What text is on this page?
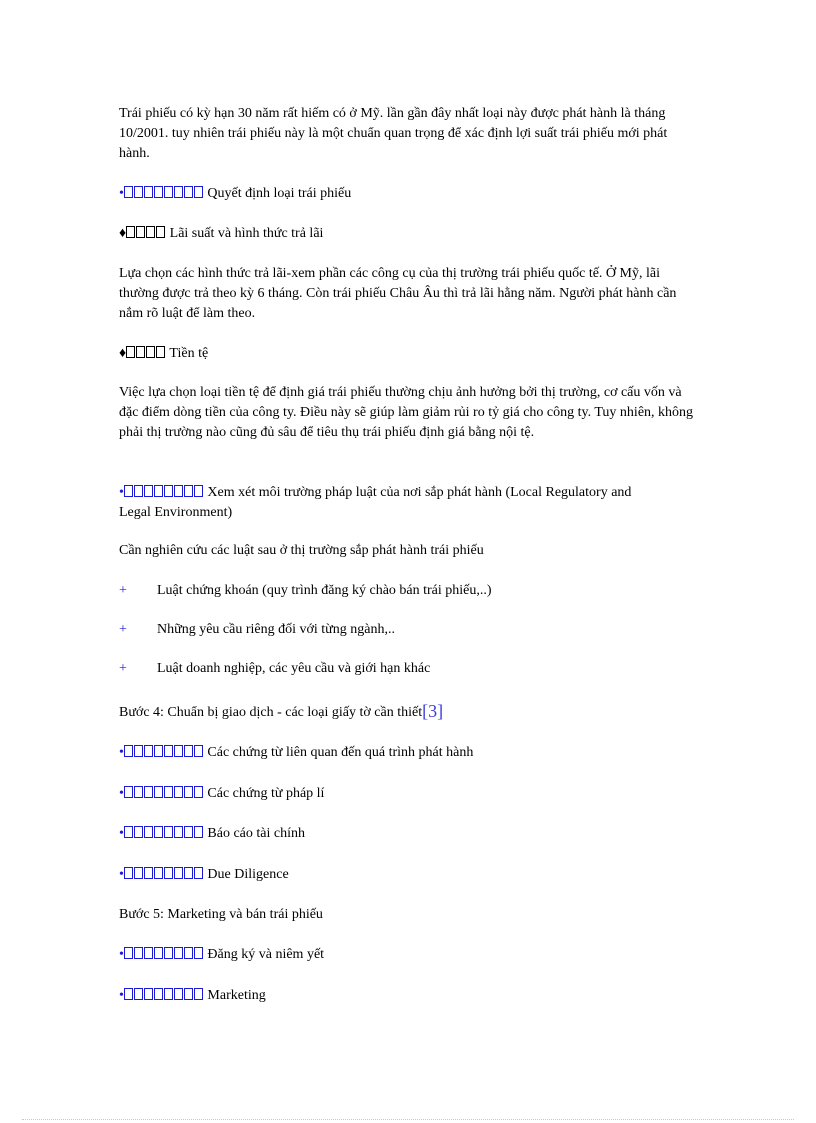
Trái phiếu có kỳ hạn 30 năm rất hiếm có ở Mỹ. lần gần đây nhất loại này được phát hành là tháng 10/2001. tuy nhiên trái phiếu này là một chuẩn quan trọng để xác định lợi suất trái phiếu mới phát hành.

•	Quyết định loại trái phiếu
♦	Lãi suất và hình thức trả lãi

Lựa chọn các hình thức trả lãi-xem phần các công cụ của thị trường trái phiếu quốc tế. Ở Mỹ, lãi thường được trả theo kỳ 6 tháng. Còn trái phiếu Châu Âu thì trả lãi hằng năm. Người phát hành cần nắm rõ luật để làm theo.

♦	Tiền tệ

Việc lựa chọn loại tiền tệ để định giá trái phiếu thường chịu ảnh hưởng bởi thị trường, cơ cấu vốn và đặc điểm dòng tiền của công ty. Điều này sẽ giúp làm giảm rủi ro tỷ giá cho công ty. Tuy nhiên, không phải thị trường nào cũng đủ sâu để tiêu thụ trái phiếu định giá bằng nội tệ.

•	Xem xét môi trường pháp luật của nơi sắp phát hành (Local Regulatory and
Legal Environment)

Cần nghiên cứu các luật sau ở thị trường sắp phát hành trái phiếu

+ Luật chứng khoán (quy trình đăng ký chào bán trái phiếu,..)
+ Những yêu cầu riêng đối với từng ngành,..
+ Luật doanh nghiệp, các yêu cầu và giới hạn khác
Bước 4: Chuẩn bị giao dịch - các loại giấy tờ cần thiết[3]
•	Các chứng từ liên quan đến quá trình phát hành
•	Các chứng từ pháp lí
•	Báo cáo tài chính
•	Due Diligence
Bước 5: Marketing và bán trái phiếu
•	Đăng ký và niêm yết
•	Marketing
